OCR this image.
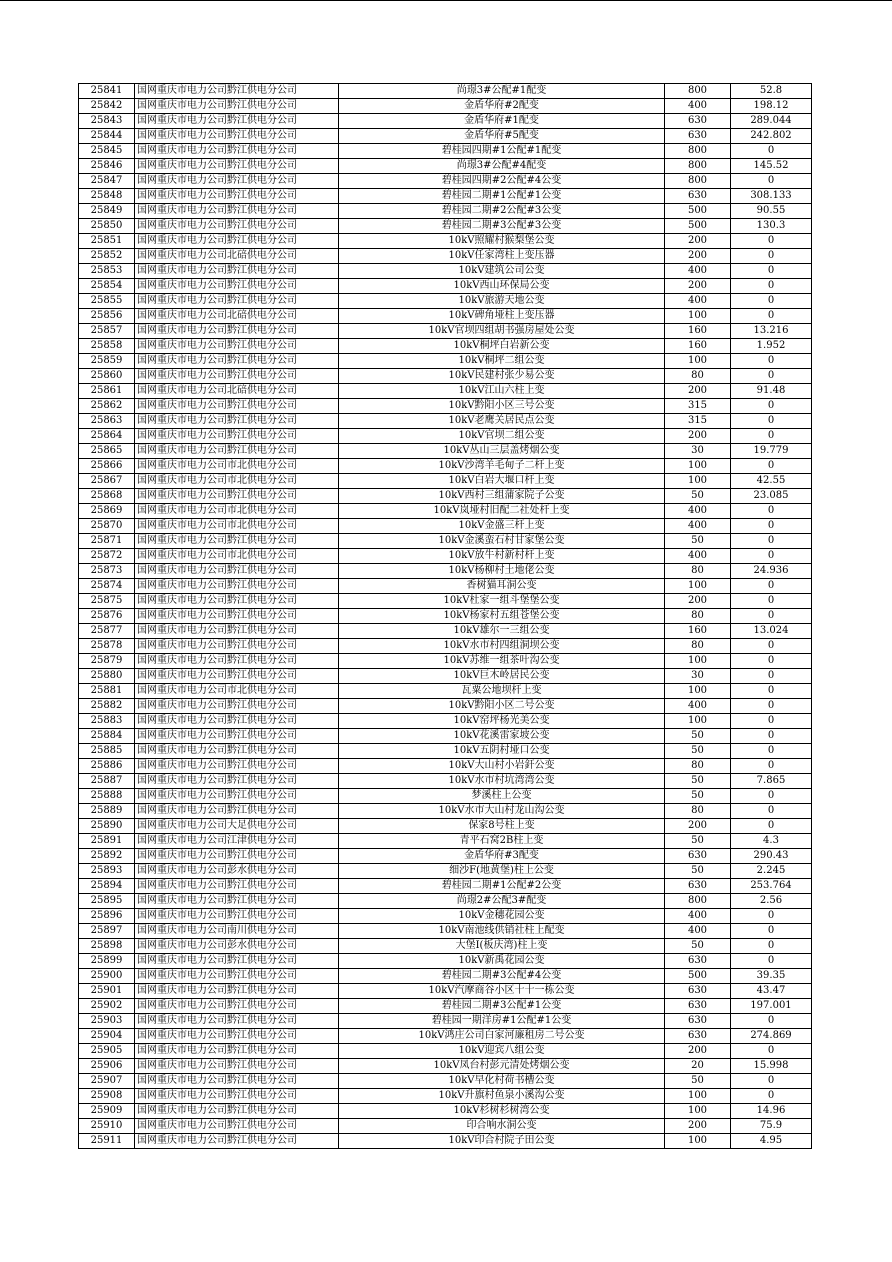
25841	国网重庆市电力公司黔江供电分公司	尚璟3#公配#1配变	800	52.8
25842	国网重庆市电力公司黔江供电分公司	金盾华府#2配变	400	198.12
25843	国网重庆市电力公司黔江供电分公司	金盾华府#1配变	630	289.044
25844	国网重庆市电力公司黔江供电分公司	金盾华府#5配变	630	242.802
25845	国网重庆市电力公司黔江供电分公司	碧桂园四期#1公配#1配变	800	0
25846	国网重庆市电力公司黔江供电分公司	尚璟3#公配#4配变	800	145.52
25847	国网重庆市电力公司黔江供电分公司	碧桂园四期#2公配#4公变	800	0
25848	国网重庆市电力公司黔江供电分公司	碧桂园二期#1公配#1公变	630	308.133
25849	国网重庆市电力公司黔江供电分公司	碧桂园二期#2公配#3公变	500	90.55
25850	国网重庆市电力公司黔江供电分公司	碧桂园二期#3公配#3公变	500	130.3
25851	国网重庆市电力公司黔江供电分公司	10kV照耀村猴梨堡公变	200	0
25852	国网重庆市电力公司北碚供电分公司	10kV任家湾柱上变压器	200	0
25853	国网重庆市电力公司黔江供电分公司	10kV建筑公司公变	400	0
25854	国网重庆市电力公司黔江供电分公司	10kV西山环保局公变	200	0
25855	国网重庆市电力公司黔江供电分公司	10kV旅游天地公变	400	0
25856	国网重庆市电力公司北碚供电分公司	10kV碑角垭柱上变压器	100	0
25857	国网重庆市电力公司黔江供电分公司	10kV官坝四组胡书强房屋处公变	160	13.216
25858	国网重庆市电力公司黔江供电分公司	10kV桐坪白岩新公变	160	1.952
25859	国网重庆市电力公司黔江供电分公司	10kV桐坪二组公变	100	0
25860	国网重庆市电力公司黔江供电分公司	10kV民建村张少易公变	80	0
25861	国网重庆市电力公司北碚供电分公司	10kV江山六柱上变	200	91.48
25862	国网重庆市电力公司黔江供电分公司	10kV黔阳小区三号公变	315	0
25863	国网重庆市电力公司黔江供电分公司	10kV老鹰关居民点公变	315	0
25864	国网重庆市电力公司黔江供电分公司	10kV官坝二组公变	200	0
25865	国网重庆市电力公司黔江供电分公司	10kV丛山三层盖烤烟公变	30	19.779
25866	国网重庆市电力公司市北供电分公司	10kV沙湾羊毛甸子二杆上变	100	0
25867	国网重庆市电力公司市北供电分公司	10kV白岩大堰口杆上变	100	42.55
25868	国网重庆市电力公司黔江供电分公司	10kV西村三组蒲家院子公变	50	23.085
25869	国网重庆市电力公司市北供电分公司	10kV岚垭村旧配二社处杆上变	400	0
25870	国网重庆市电力公司市北供电分公司	10kV金盛三杆上变	400	0
25871	国网重庆市电力公司黔江供电分公司	10kV金溪蛮石村甘家堡公变	50	0
25872	国网重庆市电力公司市北供电分公司	10kV放牛村新村杆上变	400	0
25873	国网重庆市电力公司黔江供电分公司	10kV杨柳村土地佬公变	80	24.936
25874	国网重庆市电力公司黔江供电分公司	香树猫耳洞公变	100	0
25875	国网重庆市电力公司黔江供电分公司	10kV杜家一组斗堡堡公变	200	0
25876	国网重庆市电力公司黔江供电分公司	10kV杨家村五组苍堡公变	80	0
25877	国网重庆市电力公司黔江供电分公司	10kV雄尔一三组公变	160	13.024
25878	国网重庆市电力公司黔江供电分公司	10kV水市村四组洞坝公变	80	0
25879	国网重庆市电力公司黔江供电分公司	10kV苏维一组茶叶沟公变	100	0
25880	国网重庆市电力公司黔江供电分公司	10kV巨木岭居民公变	30	0
25881	国网重庆市电力公司市北供电分公司	瓦粟公地坝杆上变	100	0
25882	国网重庆市电力公司黔江供电分公司	10kV黔阳小区二号公变	400	0
25883	国网重庆市电力公司黔江供电分公司	10kV窑坪杨光美公变	100	0
25884	国网重庆市电力公司黔江供电分公司	10kV花溪雷家坡公变	50	0
25885	国网重庆市电力公司黔江供电分公司	10kV五阴村垭口公变	50	0
25886	国网重庆市电力公司黔江供电分公司	10kV大山村小岩釬公变	80	0
25887	国网重庆市电力公司黔江供电分公司	10kV水市村坑湾湾公变	50	7.865
25888	国网重庆市电力公司黔江供电分公司	梦溪柱上公变	50	0
25889	国网重庆市电力公司黔江供电分公司	10kV水市大山村龙山沟公变	80	0
25890	国网重庆市电力公司大足供电分公司	保家8号柱上变	200	0
25891	国网重庆市电力公司江津供电分公司	青平石窝2B柱上变	50	4.3
25892	国网重庆市电力公司黔江供电分公司	金盾华府#3配变	630	290.43
25893	国网重庆市电力公司彭水供电分公司	细沙F(地黄堡)柱上公变	50	2.245
25894	国网重庆市电力公司黔江供电分公司	碧桂园二期#1公配#2公变	630	253.764
25895	国网重庆市电力公司黔江供电分公司	尚璟2#公配3#配变	800	2.56
25896	国网重庆市电力公司黔江供电分公司	10kV金穗花园公变	400	0
25897	国网重庆市电力公司南川供电分公司	10kV南池线供销社柱上配变	400	0
25898	国网重庆市电力公司彭水供电分公司	大堡I(板庆湾)柱上变	50	0
25899	国网重庆市电力公司黔江供电分公司	10kV新禹花园公变	630	0
25900	国网重庆市电力公司黔江供电分公司	碧桂园二期#3公配#4公变	500	39.35
25901	国网重庆市电力公司黔江供电分公司	10kV汽摩商谷小区十十一栋公变	630	43.47
25902	国网重庆市电力公司黔江供电分公司	碧桂园二期#3公配#1公变	630	197.001
25903	国网重庆市电力公司黔江供电分公司	碧桂园一期洋房#1公配#1公变	630	0
25904	国网重庆市电力公司黔江供电分公司	10kV鸿庄公司白家河廉租房二号公变	630	274.869
25905	国网重庆市电力公司黔江供电分公司	10kV迎宾八组公变	200	0
25906	国网重庆市电力公司黔江供电分公司	10kV凤台村彭元清处烤烟公变	20	15.998
25907	国网重庆市电力公司黔江供电分公司	10kV早化村荷书槽公变	50	0
25908	国网重庆市电力公司黔江供电分公司	10kV升旗村鱼泉小溪沟公变	100	0
25909	国网重庆市电力公司黔江供电分公司	10kV杉树杉树湾公变	100	14.96
25910	国网重庆市电力公司黔江供电分公司	印合响水洞公变	200	75.9
25911	国网重庆市电力公司黔江供电分公司	10kV印合村院子田公变	100	4.95
